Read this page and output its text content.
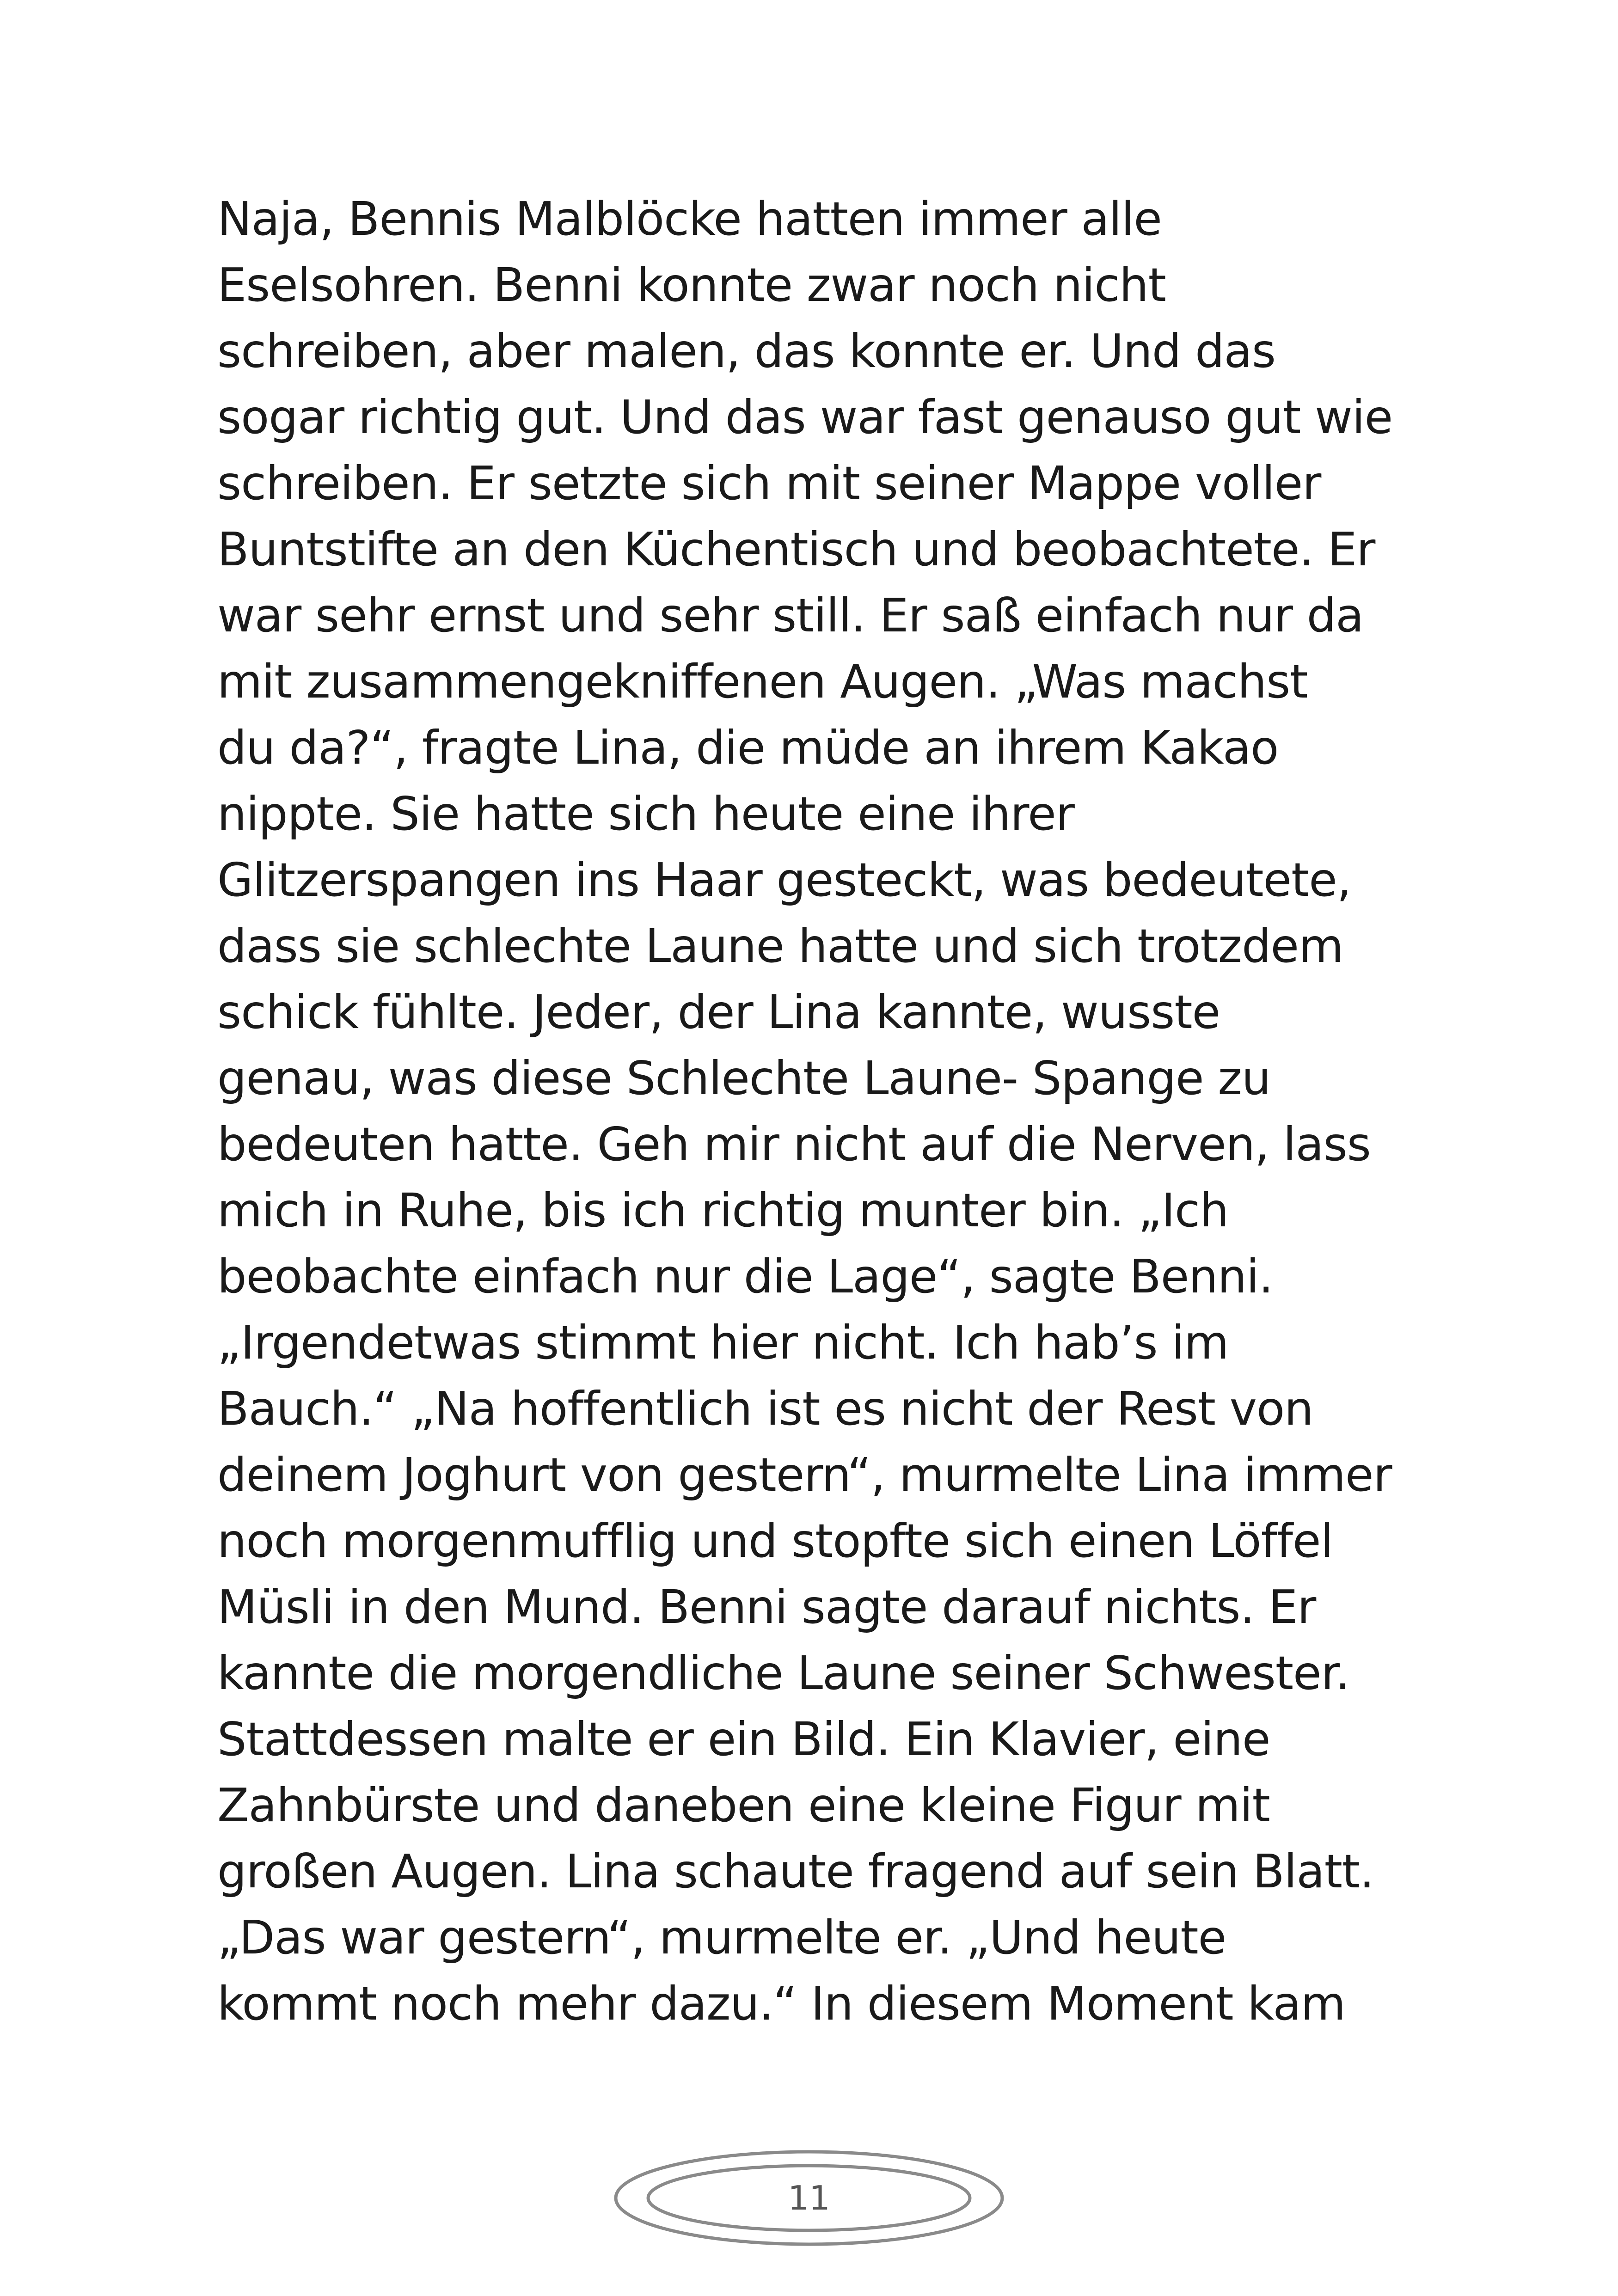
Naja, Bennis Malblöcke hatten immer alle
Eselsohren. Benni konnte zwar noch nicht
schreiben, aber malen, das konnte er. Und das
sogar richtig gut. Und das war fast genauso gut wie
schreiben. Er setzte sich mit seiner Mappe voller
Buntstifte an den Küchentisch und beobachtete. Er
war sehr ernst und sehr still. Er saß einfach nur da
mit zusammengekniffenen Augen. „Was machst
du da?“, fragte Lina, die müde an ihrem Kakao
nippte. Sie hatte sich heute eine ihrer
Glitzerspangen ins Haar gesteckt, was bedeutete,
dass sie schlechte Laune hatte und sich trotzdem
schick fühlte. Jeder, der Lina kannte, wusste
genau, was diese Schlechte Laune- Spange zu
bedeuten hatte. Geh mir nicht auf die Nerven, lass
mich in Ruhe, bis ich richtig munter bin. „Ich
beobachte einfach nur die Lage“, sagte Benni.
„Irgendetwas stimmt hier nicht. Ich hab’s im
Bauch.“ „Na hoffentlich ist es nicht der Rest von
deinem Joghurt von gestern“, murmelte Lina immer
noch morgenmufflig und stopfte sich einen Löffel
Müsli in den Mund. Benni sagte darauf nichts. Er
kannte die morgendliche Laune seiner Schwester.
Stattdessen malte er ein Bild. Ein Klavier, eine
Zahnbürste und daneben eine kleine Figur mit
großen Augen. Lina schaute fragend auf sein Blatt.
„Das war gestern“, murmelte er. „Und heute
kommt noch mehr dazu.“ In diesem Moment kam
11
